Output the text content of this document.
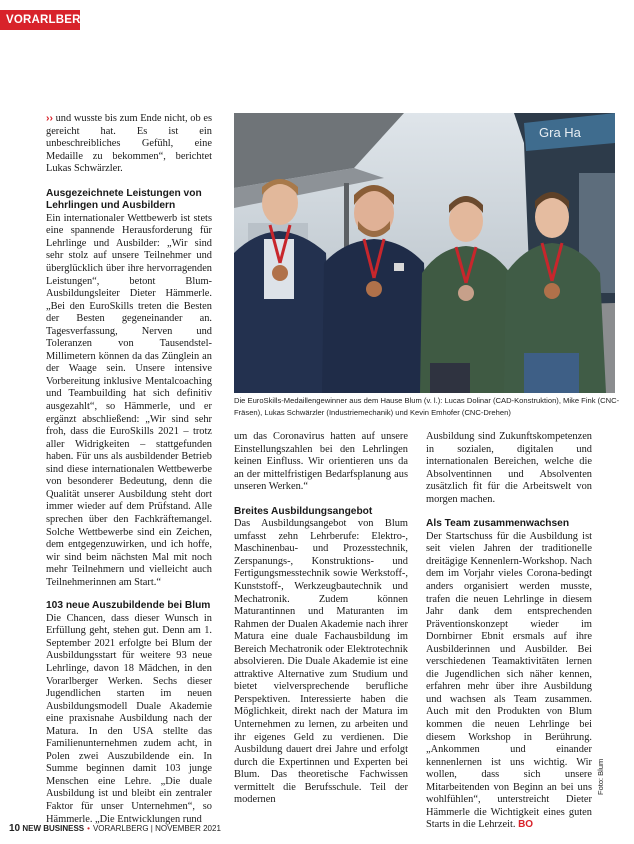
VORARLBERG

›› und wusste bis zum Ende nicht, ob es gereicht hat. Es ist ein unbeschreibliches Gefühl, eine Medaille zu bekommen“, berichtet Lukas Schwärzler.

Ausgezeichnete Leistungen von Lehrlingen und Ausbildern

Ein internationaler Wettbewerb ist stets eine spannende Herausforderung für Lehrlinge und Ausbilder: „Wir sind sehr stolz auf unsere Teilnehmer und überglücklich über ihre hervorragenden Leistungen“, betont Blum-Ausbildungsleiter Dieter Hämmerle. „Bei den EuroSkills treten die Besten der Besten gegeneinander an. Tagesverfassung, Nerven und Toleranzen von Tausendstel-Millimetern können da das Zünglein an der Waage sein. Unsere intensive Vorbereitung inklusive Mentalcoaching und Teambuilding hat sich definitiv ausgezahlt“, so Hämmerle, und er ergänzt abschließend: „Wir sind sehr froh, dass die EuroSkills 2021 – trotz aller Widrigkeiten – stattgefunden haben. Für uns als ausbildender Betrieb sind diese internationalen Wettbewerbe von besonderer Bedeutung, denn die Qualität unserer Ausbildung steht dort immer wieder auf dem Prüfstand. Alle sprechen über den Fachkräftemangel. Solche Wettbewerbe sind ein Zeichen, dem entgegenzuwirken, und ich hoffe, wir sind beim nächsten Mal mit noch mehr Teilnehmern und vielleicht auch Teilnehmerinnen am Start.“

103 neue Auszubildende bei Blum

Die Chancen, dass dieser Wunsch in Erfüllung geht, stehen gut. Denn am 1. September 2021 erfolgte bei Blum der Ausbildungsstart für weitere 93 neue Lehrlinge, davon 18 Mädchen, in den Vorarlberger Werken. Sechs dieser Jugendlichen starten im neuen Ausbildungsmodell Duale Akademie eine praxisnahe Ausbildung nach der Matura. In den USA stellte das Familienunternehmen zudem acht, in Polen zwei Auszubildende ein. In Summe beginnen damit 103 junge Menschen eine Lehre. „Die duale Ausbildung ist und bleibt ein zentraler Faktor für unser Unternehmen“, so Hämmerle. „Die Entwicklungen rund

Gra Ha
Die EuroSkills-Medaillengewinner aus dem Hause Blum (v. l.): Lucas Dolinar (CAD-Konstruktion), Mike Fink (CNC-Fräsen), Lukas Schwärzler (Industriemechanik) und Kevin Emhofer (CNC-Drehen)

um das Coronavirus hatten auf unsere Einstellungszahlen bei den Lehrlingen keinen Einfluss. Wir orientieren uns da an der mittelfristigen Bedarfsplanung aus unseren Werken.“

Breites Ausbildungsangebot

Das Ausbildungsangebot von Blum umfasst zehn Lehrberufe: Elektro-, Maschinenbau- und Prozesstechnik, Zerspanungs-, Konstruktions- und Fertigungsmesstechnik sowie Werkstoff-, Kunststoff-, Werkzeugbautechnik und Mechatronik. Zudem können Maturantinnen und Maturanten im Rahmen der Dualen Akademie nach ihrer Matura eine duale Fachausbildung im Bereich Mechatronik oder Elektrotechnik absolvieren. Die Duale Akademie ist eine attraktive Alternative zum Studium und bietet vielversprechende berufliche Perspektiven. Interessierte haben die Möglichkeit, direkt nach der Matura im Unternehmen zu lernen, zu arbeiten und ihr eigenes Geld zu verdienen. Die Ausbildung dauert drei Jahre und erfolgt durch die Expertinnen und Experten bei Blum. Das theoretische Fachwissen vermittelt die Berufsschule. Teil der modernen

Ausbildung sind Zukunftskompetenzen in sozialen, digitalen und internationalen Bereichen, welche die Absolventinnen und Absolventen zusätzlich fit für die Arbeitswelt von morgen machen.

Als Team zusammenwachsen

Der Startschuss für die Ausbildung ist seit vielen Jahren der traditionelle dreitägige Kennenlern-Workshop. Nach dem im Vorjahr vieles Corona-bedingt anders organisiert werden musste, trafen die neuen Lehrlinge in diesem Jahr dank dem entsprechenden Präventionskonzept wieder im Dornbirner Ebnit ersmals auf ihre Ausbilderinnen und Ausbilder. Bei verschiedenen Teamaktivitäten lernen die Jugendlichen sich näher kennen, erfahren mehr über ihre Ausbildung und wachsen als Team zusammen. Auch mit den Produkten von Blum kommen die neuen Lehrlinge bei diesem Workshop in Berührung. „Ankommen und einander kennenlernen ist uns wichtig. Wir wollen, dass sich unsere Mitarbeitenden von Beginn an bei uns wohlfühlen“, unterstreicht Dieter Hämmerle die Wichtigkeit eines guten Starts in die Lehrzeit. BO

Foto: Blum
10 NEW BUSINESS • VORARLBERG | NOVEMBER 2021
